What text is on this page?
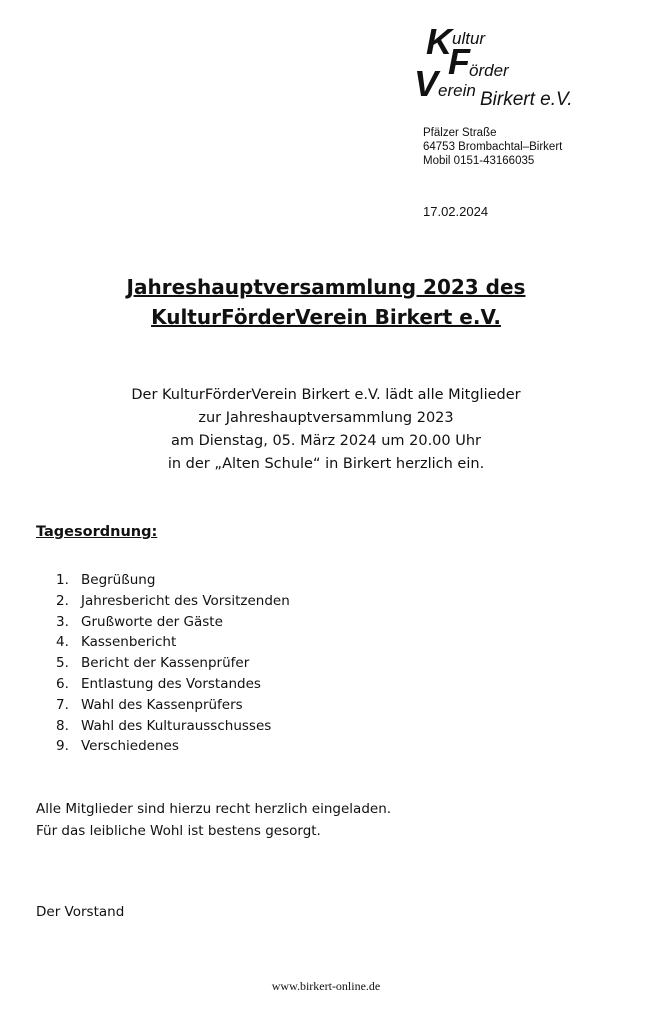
K ultur
F örder
V erein Birkert e.V.
Pfälzer Straße
64753 Brombachtal–Birkert
Mobil 0151-43166035
17.02.2024
Jahreshauptversammlung 2023 des
KulturFörderVerein Birkert e.V.
Der KulturFörderVerein Birkert e.V. lädt alle Mitglieder
zur Jahreshauptversammlung 2023
am Dienstag, 05. März 2024 um 20.00 Uhr
in der „Alten Schule“ in Birkert herzlich ein.
Tagesordnung:
1. Begrüßung
2. Jahresbericht des Vorsitzenden
3. Grußworte der Gäste
4. Kassenbericht
5. Bericht der Kassenprüfer
6. Entlastung des Vorstandes
7. Wahl des Kassenprüfers
8. Wahl des Kulturausschusses
9. Verschiedenes
Alle Mitglieder sind hierzu recht herzlich eingeladen.
Für das leibliche Wohl ist bestens gesorgt.
Der Vorstand
www.birkert-online.de
